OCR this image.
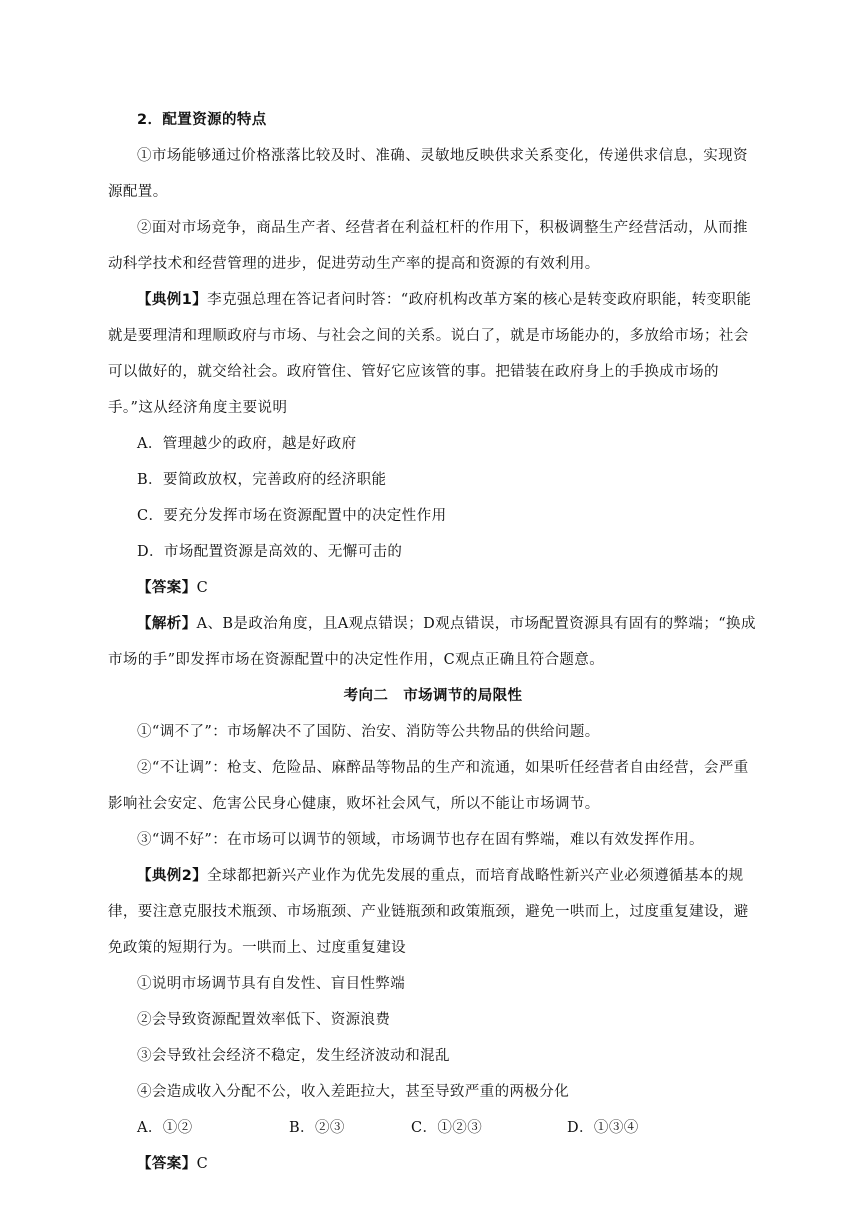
2．配置资源的特点

①市场能够通过价格涨落比较及时、准确、灵敏地反映供求关系变化，传递供求信息，实现资源配置。

②面对市场竞争，商品生产者、经营者在利益杠杆的作用下，积极调整生产经营活动，从而推动科学技术和经营管理的进步，促进劳动生产率的提高和资源的有效利用。

【典例1】李克强总理在答记者问时答：“政府机构改革方案的核心是转变政府职能，转变职能就是要理清和理顺政府与市场、与社会之间的关系。说白了，就是市场能办的，多放给市场；社会可以做好的，就交给社会。政府管住、管好它应该管的事。把错装在政府身上的手换成市场的手。”这从经济角度主要说明

A．管理越少的政府，越是好政府

B．要简政放权，完善政府的经济职能

C．要充分发挥市场在资源配置中的决定性作用

D．市场配置资源是高效的、无懈可击的

【答案】C

【解析】A、B是政治角度，且A观点错误；D观点错误，市场配置资源具有固有的弊端；“换成市场的手”即发挥市场在资源配置中的决定性作用，C观点正确且符合题意。

考向二　市场调节的局限性

①“调不了”：市场解决不了国防、治安、消防等公共物品的供给问题。

②“不让调”：枪支、危险品、麻醉品等物品的生产和流通，如果听任经营者自由经营，会严重影响社会安定、危害公民身心健康，败坏社会风气，所以不能让市场调节。

③“调不好”：在市场可以调节的领域，市场调节也存在固有弊端，难以有效发挥作用。

【典例2】全球都把新兴产业作为优先发展的重点，而培育战略性新兴产业必须遵循基本的规律，要注意克服技术瓶颈、市场瓶颈、产业链瓶颈和政策瓶颈，避免一哄而上，过度重复建设，避免政策的短期行为。一哄而上、过度重复建设

①说明市场调节具有自发性、盲目性弊端

②会导致资源配置效率低下、资源浪费

③会导致社会经济不稳定，发生经济波动和混乱

④会造成收入分配不公，收入差距拉大，甚至导致严重的两极分化

A．①②	B．②③	C．①②③	D．①③④

【答案】C
